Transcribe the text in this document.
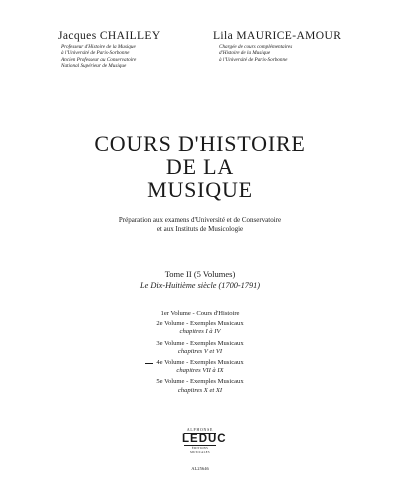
Jacques CHAILLEY
Professeur d'Histoire de la Musique
à l'Université de Paris-Sorbonne
Ancien Professeur au Conservatoire
National Supérieur de Musique
Lila MAURICE-AMOUR
Chargée de cours complémentaires
d'Histoire de la Musique
à l'Université de Paris-Sorbonne
COURS D'HISTOIRE
DE LA
MUSIQUE
Préparation aux examens d'Université et de Conservatoire
et aux Instituts de Musicologie
Tome II (5 Volumes)
Le Dix-Huitième siècle (1700-1791)
1er Volume - Cours d'Histoire
2e Volume - Exemples Musicaux
chapitres I à IV
3e Volume - Exemples Musicaux
chapitres V et VI
4e Volume - Exemples Musicaux
chapitres VII à IX
5e Volume - Exemples Musicaux
chapitres X et XI
ALPHONSE
LEDUC
ÉDITIONS MUSICALES
AL25646
